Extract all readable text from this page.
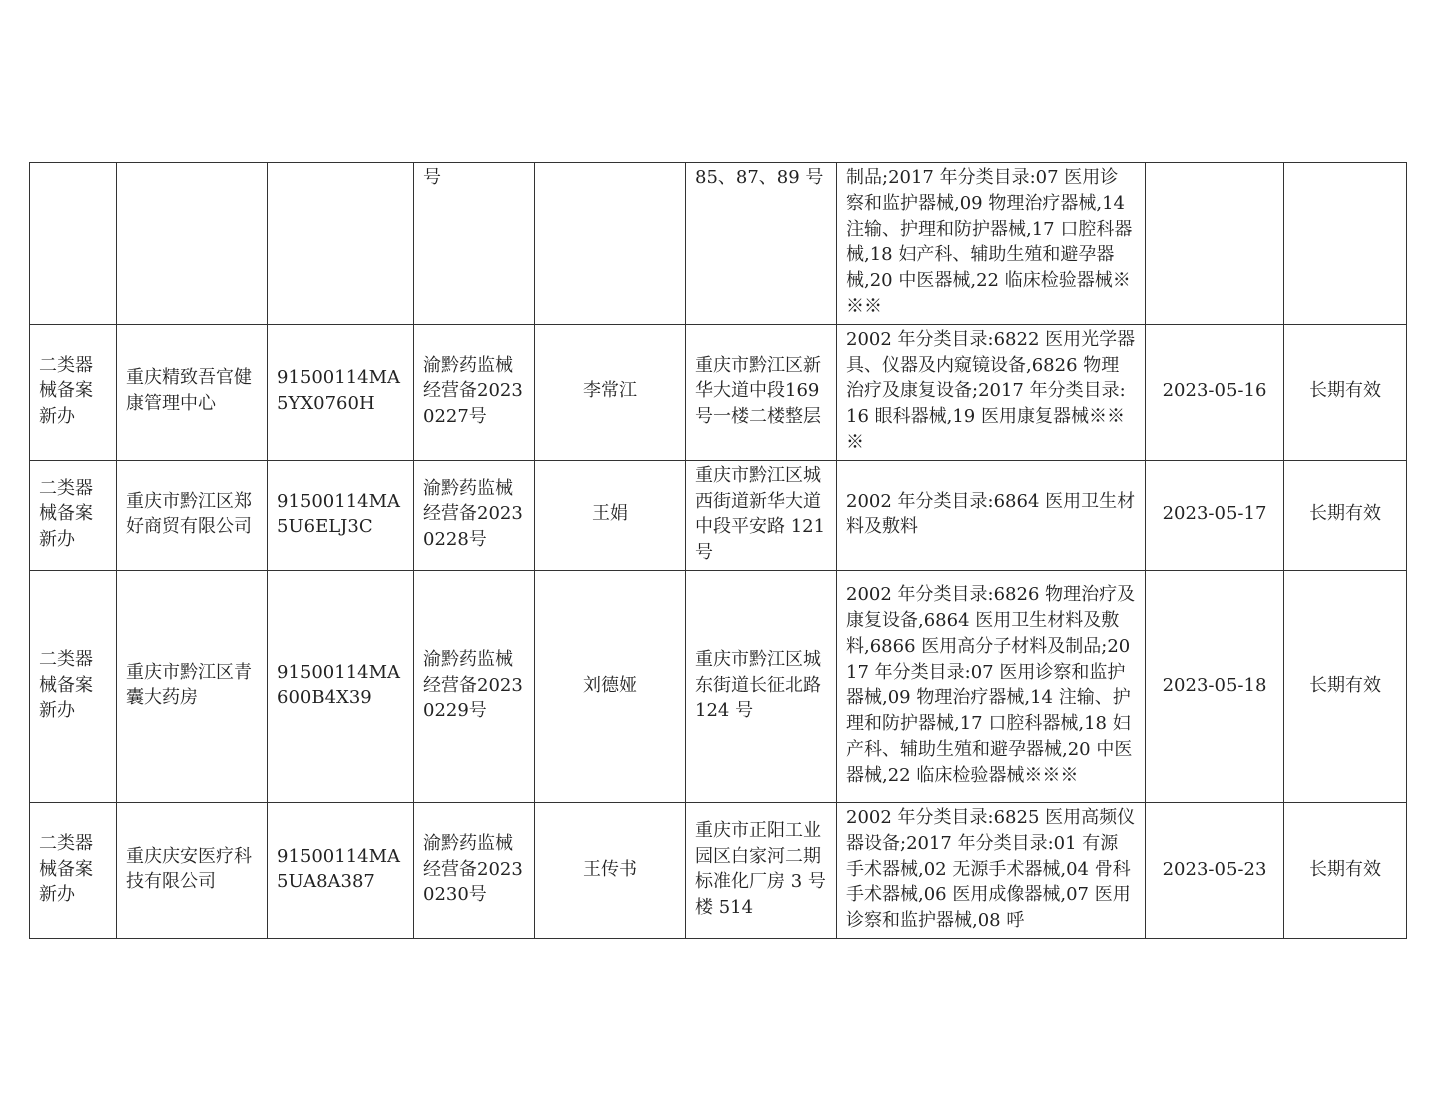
			号		85、87、89 号	制品;2017 年分类目录:07 医用诊察和监护器械,09 物理治疗器械,14 注输、护理和防护器械,17 口腔科器械,18 妇产科、辅助生殖和避孕器械,20 中医器械,22 临床检验器械※※※		
二类器械备案新办	重庆精致吾官健康管理中心	91500114MA5YX0760H	渝黔药监械经营备20230227号	李常江	重庆市黔江区新华大道中段169 号一楼二楼整层	2002 年分类目录:6822 医用光学器具、仪器及内窥镜设备,6826 物理治疗及康复设备;2017 年分类目录:16 眼科器械,19 医用康复器械※※※	2023-05-16	长期有效
二类器械备案新办	重庆市黔江区郑好商贸有限公司	91500114MA5U6ELJ3C	渝黔药监械经营备20230228号	王娟	重庆市黔江区城西街道新华大道中段平安路 121 号	2002 年分类目录:6864 医用卫生材料及敷料	2023-05-17	长期有效
二类器械备案新办	重庆市黔江区青囊大药房	91500114MA600B4X39	渝黔药监械经营备20230229号	刘德娅	重庆市黔江区城东街道长征北路 124 号	2002 年分类目录:6826 物理治疗及康复设备,6864 医用卫生材料及敷料,6866 医用高分子材料及制品;2017 年分类目录:07 医用诊察和监护器械,09 物理治疗器械,14 注输、护理和防护器械,17 口腔科器械,18 妇产科、辅助生殖和避孕器械,20 中医器械,22 临床检验器械※※※	2023-05-18	长期有效
二类器械备案新办	重庆庆安医疗科技有限公司	91500114MA5UA8A387	渝黔药监械经营备20230230号	王传书	重庆市正阳工业园区白家河二期标准化厂房 3 号楼 514	2002 年分类目录:6825 医用高频仪器设备;2017 年分类目录:01 有源手术器械,02 无源手术器械,04 骨科手术器械,06 医用成像器械,07 医用诊察和监护器械,08 呼	2023-05-23	长期有效
